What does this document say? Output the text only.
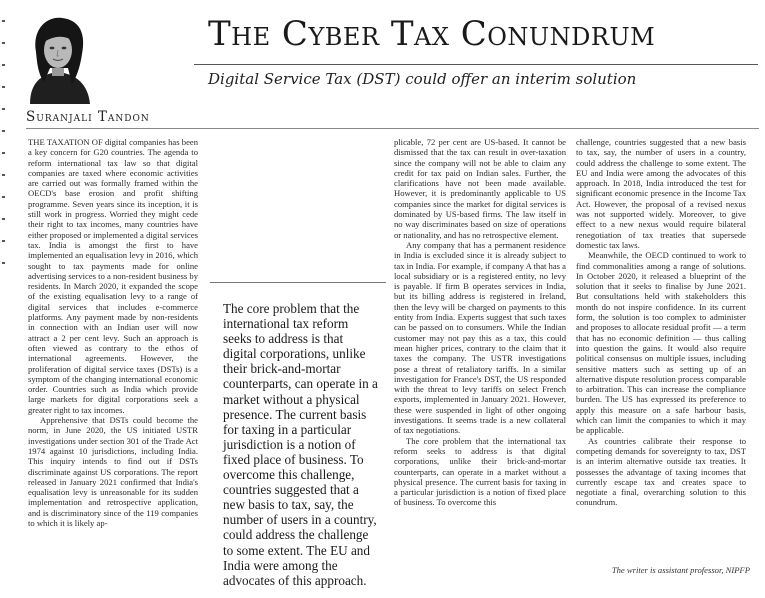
The Cyber Tax Conundrum
Digital Service Tax (DST) could offer an interim solution
Suranjali Tandon

THE TAXATION OF digital companies has been a key concern for G20 countries. The agenda to reform international tax law so that digital companies are taxed where economic activities are carried out was formally framed within the OECD's base erosion and profit shifting programme. Seven years since its inception, it is still work in progress. Worried they might cede their right to tax incomes, many countries have either proposed or implemented a digital services tax. India is amongst the first to have implemented an equalisation levy in 2016, which sought to tax payments made for online advertising services to a non-resident business by residents. In March 2020, it expanded the scope of the existing equalisation levy to a range of digital services that includes e-commerce platforms. Any payment made by non-residents in connection with an Indian user will now attract a 2 per cent levy. Such an approach is often viewed as contrary to the ethos of international agreements. However, the proliferation of digital service taxes (DSTs) is a symptom of the changing international economic order. Countries such as India which provide large markets for digital corporations seek a greater right to tax incomes.

Apprehensive that DSTs could become the norm, in June 2020, the US initiated USTR investigations under section 301 of the Trade Act 1974 against 10 jurisdictions, including India. This inquiry intends to find out if DSTs discriminate against US corporations. The report released in January 2021 confirmed that India's equalisation levy is unreasonable for its sudden implementation and retrospective application, and is discriminatory since of the 119 companies to which it is likely ap-

The core problem that the international tax reform seeks to address is that digital corporations, unlike their brick-and-mortar counterparts, can operate in a market without a physical presence. The current basis for taxing in a particular jurisdiction is a notion of fixed place of business. To overcome this challenge, countries suggested that a new basis to tax, say, the number of users in a country, could address the challenge to some extent. The EU and India were among the advocates of this approach.

plicable, 72 per cent are US-based. It cannot be dismissed that the tax can result in over-taxation since the company will not be able to claim any credit for tax paid on Indian sales. Further, the clarifications have not been made available. However, it is predominantly applicable to US companies since the market for digital services is dominated by US-based firms. The law itself in no way discriminates based on size of operations or nationality, and has no retrospective element.

Any company that has a permanent residence in India is excluded since it is already subject to tax in India. For example, if company A that has a local subsidiary or is a registered entity, no levy is payable. If firm B operates services in India, but its billing address is registered in Ireland, then the levy will be charged on payments to this entity from India. Experts suggest that such taxes can be passed on to consumers. While the Indian customer may not pay this as a tax, this could mean higher prices, contrary to the claim that it taxes the company. The USTR investigations pose a threat of retaliatory tariffs. In a similar investigation for France's DST, the US responded with the threat to levy tariffs on select French exports, implemented in January 2021. However, these were suspended in light of other ongoing investigations. It seems trade is a new collateral of tax negotiations.

The core problem that the international tax reform seeks to address is that digital corporations, unlike their brick-and-mortar counterparts, can operate in a market without a physical presence. The current basis for taxing in a particular jurisdiction is a notion of fixed place of business. To overcome this

challenge, countries suggested that a new basis to tax, say, the number of users in a country, could address the challenge to some extent. The EU and India were among the advocates of this approach. In 2018, India introduced the test for significant economic presence in the Income Tax Act. However, the proposal of a revised nexus was not supported widely. Moreover, to give effect to a new nexus would require bilateral renegotiation of tax treaties that supersede domestic tax laws.

Meanwhile, the OECD continued to work to find commonalities among a range of solutions. In October 2020, it released a blueprint of the solution that it seeks to finalise by June 2021. But consultations held with stakeholders this month do not inspire confidence. In its current form, the solution is too complex to administer and proposes to allocate residual profit — a term that has no economic definition — thus calling into question the gains. It would also require political consensus on multiple issues, including sensitive matters such as setting up of an alternative dispute resolution process comparable to arbitration. This can increase the compliance burden. The US has expressed its preference to apply this measure on a safe harbour basis, which can limit the companies to which it may be applicable.

As countries calibrate their response to competing demands for sovereignty to tax, DST is an interim alternative outside tax treaties. It possesses the advantage of taxing incomes that currently escape tax and creates space to negotiate a final, overarching solution to this conundrum.

The writer is assistant professor, NIPFP
